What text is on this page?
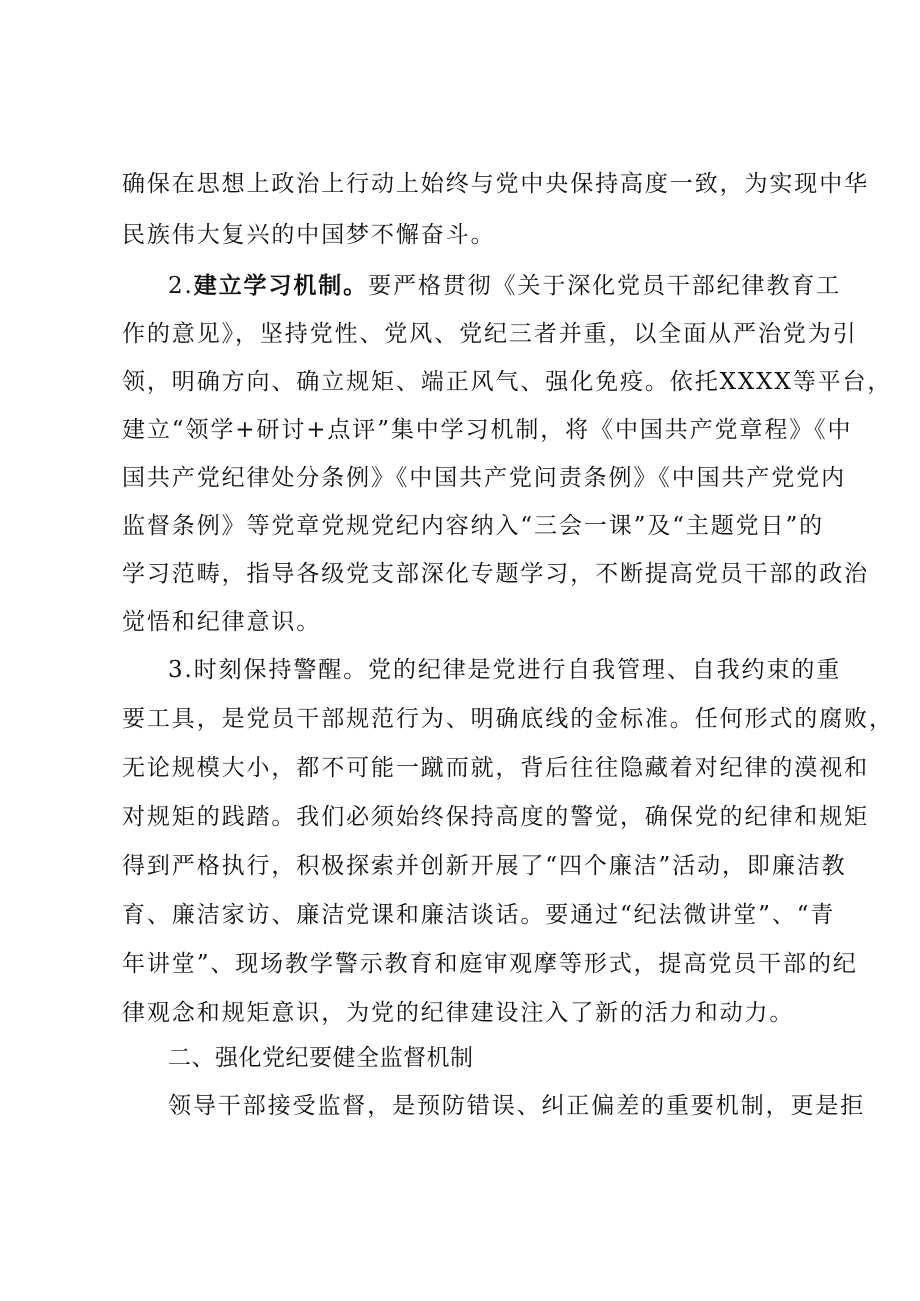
确保在思想上政治上行动上始终与党中央保持高度一致，为实现中华
民族伟大复兴的中国梦不懈奋斗。
2.建立学习机制。要严格贯彻《关于深化党员干部纪律教育工
作的意见》，坚持党性、党风、党纪三者并重，以全面从严治党为引
领，明确方向、确立规矩、端正风气、强化免疫。依托XXXX等平台，
建立“领学+研讨+点评”集中学习机制，将《中国共产党章程》《中
国共产党纪律处分条例》《中国共产党问责条例》《中国共产党党内
监督条例》等党章党规党纪内容纳入“三会一课”及“主题党日”的
学习范畴，指导各级党支部深化专题学习，不断提高党员干部的政治
觉悟和纪律意识。
3.时刻保持警醒。党的纪律是党进行自我管理、自我约束的重
要工具，是党员干部规范行为、明确底线的金标准。任何形式的腐败，
无论规模大小，都不可能一蹴而就，背后往往隐藏着对纪律的漠视和
对规矩的践踏。我们必须始终保持高度的警觉，确保党的纪律和规矩
得到严格执行，积极探索并创新开展了“四个廉洁”活动，即廉洁教
育、廉洁家访、廉洁党课和廉洁谈话。要通过“纪法微讲堂”、“青
年讲堂”、现场教学警示教育和庭审观摩等形式，提高党员干部的纪
律观念和规矩意识，为党的纪律建设注入了新的活力和动力。
二、强化党纪要健全监督机制
领导干部接受监督，是预防错误、纠正偏差的重要机制，更是拒
